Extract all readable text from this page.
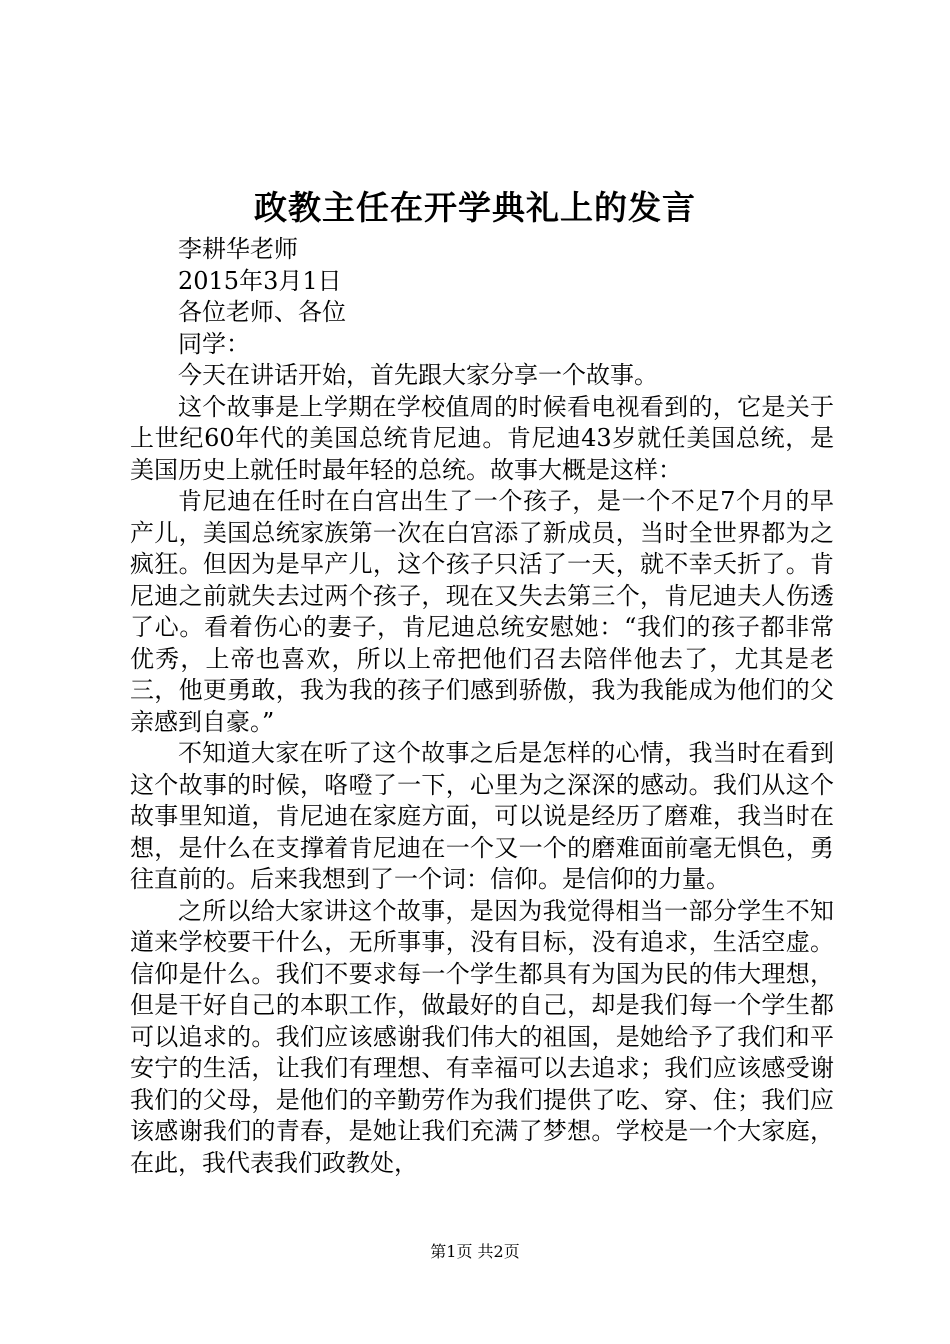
政教主任在开学典礼上的发言

李耕华老师

2015年3月1日

各位老师、各位

同学：

今天在讲话开始，首先跟大家分享一个故事。

这个故事是上学期在学校值周的时候看电视看到的，它是关于上世纪60年代的美国总统肯尼迪。肯尼迪43岁就任美国总统，是美国历史上就任时最年轻的总统。故事大概是这样：

肯尼迪在任时在白宫出生了一个孩子，是一个不足7个月的早产儿，美国总统家族第一次在白宫添了新成员，当时全世界都为之疯狂。但因为是早产儿，这个孩子只活了一天，就不幸夭折了。肯尼迪之前就失去过两个孩子，现在又失去第三个，肯尼迪夫人伤透了心。看着伤心的妻子，肯尼迪总统安慰她：“我们的孩子都非常优秀，上帝也喜欢，所以上帝把他们召去陪伴他去了，尤其是老三，他更勇敢，我为我的孩子们感到骄傲，我为我能成为他们的父亲感到自豪。”

不知道大家在听了这个故事之后是怎样的心情，我当时在看到这个故事的时候，咯噔了一下，心里为之深深的感动。我们从这个故事里知道，肯尼迪在家庭方面，可以说是经历了磨难，我当时在想，是什么在支撑着肯尼迪在一个又一个的磨难面前毫无惧色，勇往直前的。后来我想到了一个词：信仰。是信仰的力量。

之所以给大家讲这个故事，是因为我觉得相当一部分学生不知道来学校要干什么，无所事事，没有目标，没有追求，生活空虚。信仰是什么。我们不要求每一个学生都具有为国为民的伟大理想，但是干好自己的本职工作，做最好的自己，却是我们每一个学生都可以追求的。我们应该感谢我们伟大的祖国，是她给予了我们和平安宁的生活，让我们有理想、有幸福可以去追求；我们应该感受谢我们的父母，是他们的辛勤劳作为我们提供了吃、穿、住；我们应该感谢我们的青春，是她让我们充满了梦想。学校是一个大家庭，在此，我代表我们政教处，

第1页 共2页
